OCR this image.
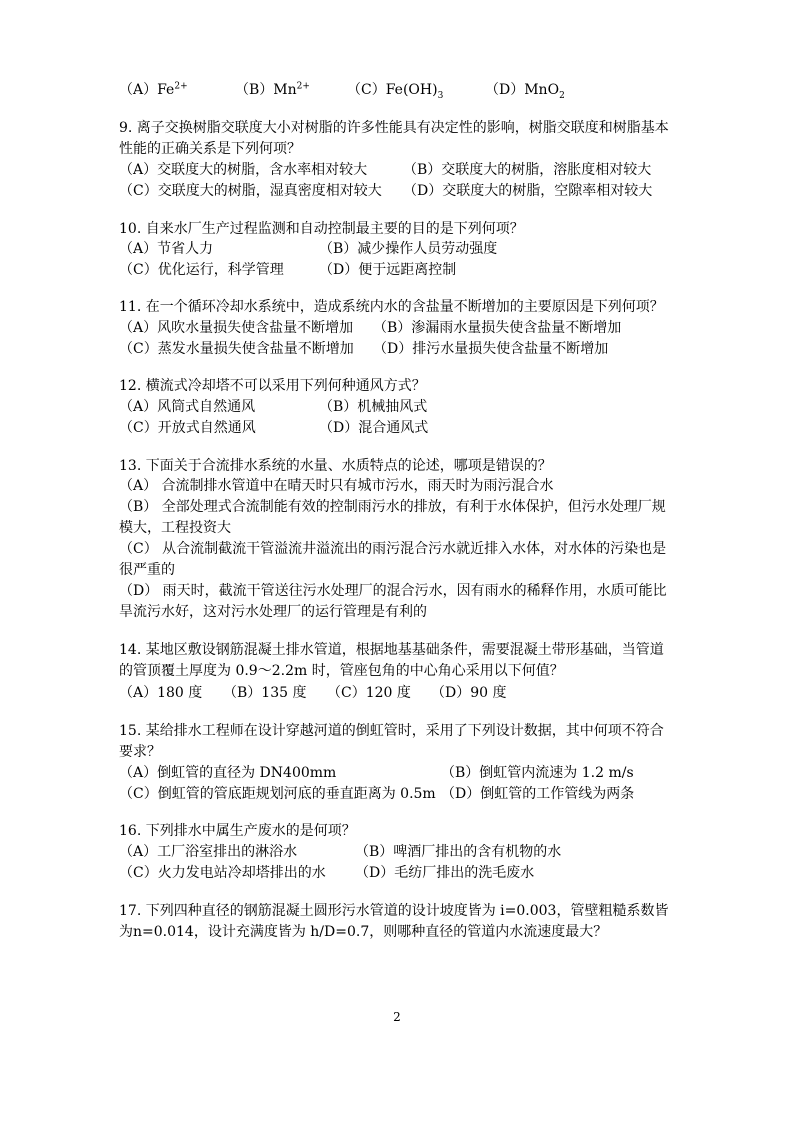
$(A)Fe^{2+}$	$(B)Mn^{2+}$	$(C)Fe(OH)_3$	（D）MnO$_2$
9. 离子交换树脂交联度大小对树脂的许多性能具有决定性的影响，树脂交联度和树脂基本性能的正确关系是下列何项？
（A）交联度大的树脂，含水率相对较大	（B）交联度大的树脂，溶胀度相对较大
（C）交联度大的树脂，湿真密度相对较大 （D）交联度大的树脂，空隙率相对较大
10. 自来水厂生产过程监测和自动控制最主要的目的是下列何项？
（A）节省人力	（B）减少操作人员劳动强度
（C）优化运行，科学管理	（D）便于远距离控制
11. 在一个循环冷却水系统中，造成系统内水的含盐量不断增加的主要原因是下列何项？
（A）风吹水量损失使含盐量不断增加 （B）渗漏雨水量损失使含盐量不断增加
（C）蒸发水量损失使含盐量不断增加 （D）排污水量损失使含盐量不断增加
12. 横流式冷却塔不可以采用下列何种通风方式？
（A）风筒式自然通风	（B）机械抽风式
（C）开放式自然通风	（D）混合通风式
13. 下面关于合流排水系统的水量、水质特点的论述，哪项是错误的？
（A） 合流制排水管道中在晴天时只有城市污水，雨天时为雨污混合水
（B） 全部处理式合流制能有效的控制雨污水的排放，有利于水体保护，但污水处理厂规模大，工程投资大
（C） 从合流制截流干管溢流井溢流出的雨污混合污水就近排入水体，对水体的污染也是很严重的
（D） 雨天时，截流干管送往污水处理厂的混合污水，因有雨水的稀释作用，水质可能比旱流污水好，这对污水处理厂的运行管理是有利的
14. 某地区敷设钢筋混凝土排水管道，根据地基基础条件，需要混凝土带形基础，当管道 的管顶覆土厚度为 0.9～2.2m 时，管座包角的中心角心采用以下何值？
（A）180 度 （B）135 度 （C）120 度 （D）90 度
15. 某给排水工程师在设计穿越河道的倒虹管时，采用了下列设计数据，其中何项不符合 要求？
（A）倒虹管的直径为 DN400mm	（B）倒虹管内流速为 1.2 m/s
（C）倒虹管的管底距规划河底的垂直距离为 0.5m （D）倒虹管的工作管线为两条
16. 下列排水中属生产废水的是何项？
（A）工厂浴室排出的淋浴水	（B）啤酒厂排出的含有机物的水
（C）火力发电站冷却塔排出的水 （D）毛纺厂排出的洗毛废水
17. 下列四种直径的钢筋混凝土圆形污水管道的设计坡度皆为 i=0.003，管壁粗糙系数皆为n=0.014，设计充满度皆为 h/D=0.7，则哪种直径的管道内水流速度最大？
2
